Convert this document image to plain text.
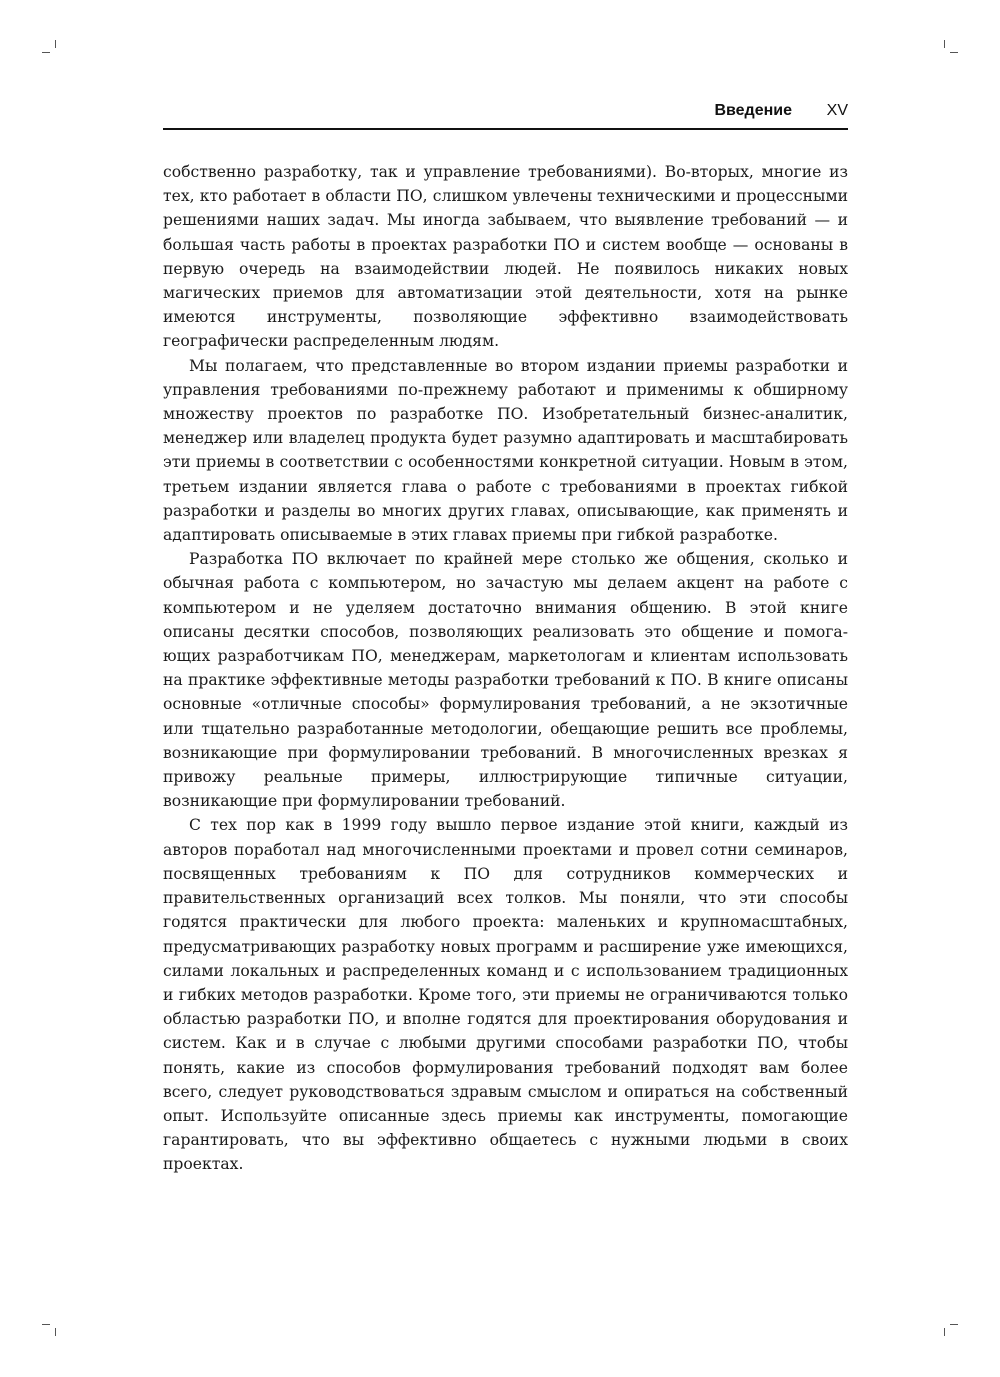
Введение XV

собственно разработку, так и управление требованиями). Во-вторых, многие из тех, кто работает в области ПО, слишком увлечены техническими и процессными решениями наших задач. Мы иногда забываем, что выявление требований — и большая часть работы в проектах разработки ПО и систем вообще — основаны в первую очередь на взаимодействии людей. Не появилось никаких новых магических приемов для автоматизации этой деятельности, хотя на рынке имеются инструменты, позволяющие эффективно взаимодействовать географически распределенным людям.

Мы полагаем, что представленные во втором издании приемы разработки и управления требованиями по-прежнему работают и применимы к обширному множеству проектов по разработке ПО. Изобретательный бизнес-аналитик, менеджер или владелец продукта будет разумно адаптировать и масштабировать эти приемы в соответствии с особенностями конкретной ситуации. Новым в этом, третьем издании является глава о работе с требованиями в проектах гибкой разработки и разделы во многих других главах, описывающие, как применять и адаптировать описываемые в этих главах приемы при гибкой разработке.

Разработка ПО включает по крайней мере столько же общения, сколько и обычная работа с компьютером, но зачастую мы делаем акцент на работе с компьютером и не уделяем достаточно внимания общению. В этой книге описаны десятки способов, позволяющих реализовать это общение и помогающих разработчикам ПО, менеджерам, маркетологам и клиентам использовать на практике эффективные методы разработки требований к ПО. В книге описаны основные «отличные способы» формулирования требований, а не экзотичные или тщательно разработанные методологии, обещающие решить все проблемы, возникающие при формулировании требований. В многочисленных врезках я привожу реальные примеры, иллюстрирующие типичные ситуации, возникающие при формулировании требований.

С тех пор как в 1999 году вышло первое издание этой книги, каждый из авторов поработал над многочисленными проектами и провел сотни семинаров, посвященных требованиям к ПО для сотрудников коммерческих и правительственных организаций всех толков. Мы поняли, что эти способы годятся практически для любого проекта: маленьких и крупномасштабных, предусматривающих разработку новых программ и расширение уже имеющихся, силами локальных и распределенных команд и с использованием традиционных и гибких методов разработки. Кроме того, эти приемы не ограничиваются только областью разработки ПО, и вполне годятся для проектирования оборудования и систем. Как и в случае с любыми другими способами разработки ПО, чтобы понять, какие из способов формулирования требований подходят вам более всего, следует руководствоваться здравым смыслом и опираться на собственный опыт. Используйте описанные здесь приемы как инструменты, помогающие гарантировать, что вы эффективно общаетесь с нужными людьми в своих проектах.
